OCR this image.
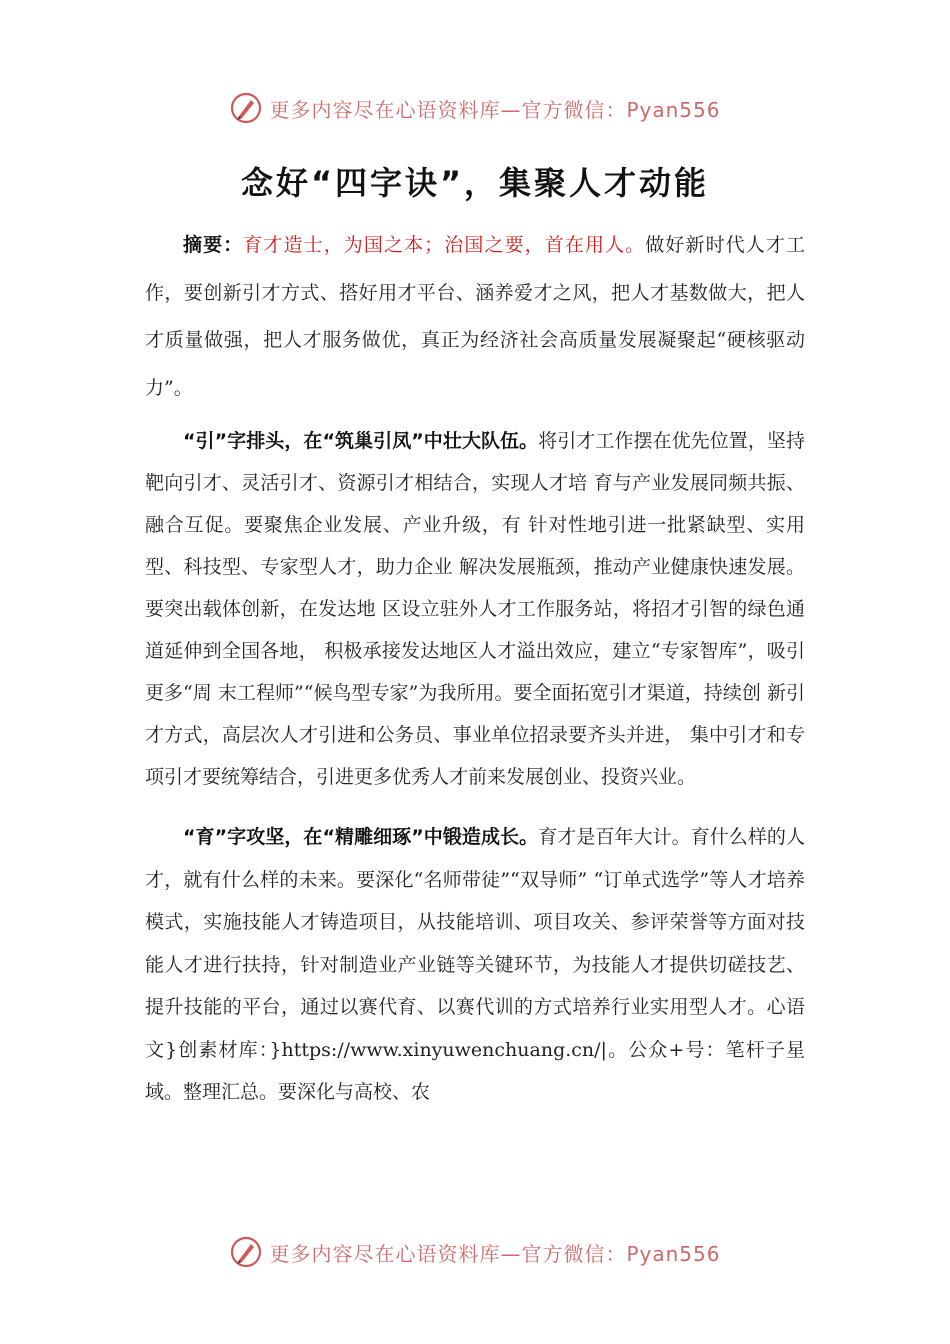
更多内容尽在心语资料库—官方微信：Pyan556
念好“四字诀”，集聚人才动能

摘要：育才造士，为国之本；治国之要，首在用人。做好新时代人才工作，要创新引才方式、搭好用才平台、涵养爱才之风，把人才基数做大，把人才质量做强，把人才服务做优，真正为经济社会高质量发展凝聚起“硬核驱动力”。

“引”字排头，在“筑巢引凤”中壮大队伍。将引才工作摆在优先位置，坚持靶向引才、灵活引才、资源引才相结合，实现人才培 育与产业发展同频共振、融合互促。要聚焦企业发展、产业升级，有 针对性地引进一批紧缺型、实用型、科技型、专家型人才，助力企业 解决发展瓶颈，推动产业健康快速发展。要突出载体创新，在发达地 区设立驻外人才工作服务站，将招才引智的绿色通道延伸到全国各地， 积极承接发达地区人才溢出效应，建立“专家智库”，吸引更多“周 末工程师”“候鸟型专家”为我所用。要全面拓宽引才渠道，持续创 新引才方式，高层次人才引进和公务员、事业单位招录要齐头并进， 集中引才和专项引才要统筹结合，引进更多优秀人才前来发展创业、投资兴业。

“育”字攻坚，在“精雕细琢”中锻造成长。育才是百年大计。育什么样的人才，就有什么样的未来。要深化“名师带徒”“双导师” “订单式选学”等人才培养模式，实施技能人才铸造项目，从技能培训、项目攻关、参评荣誉等方面对技能人才进行扶持，针对制造业产业链等关键环节，为技能人才提供切磋技艺、提升技能的平台，通过以赛代育、以赛代训的方式培养行业实用型人才。心语文}创素材库：}https://www.xinyuwenchuang.cn/|。公众+号：笔杆子星域。整理汇总。要深化与高校、农

更多内容尽在心语资料库—官方微信：Pyan556
